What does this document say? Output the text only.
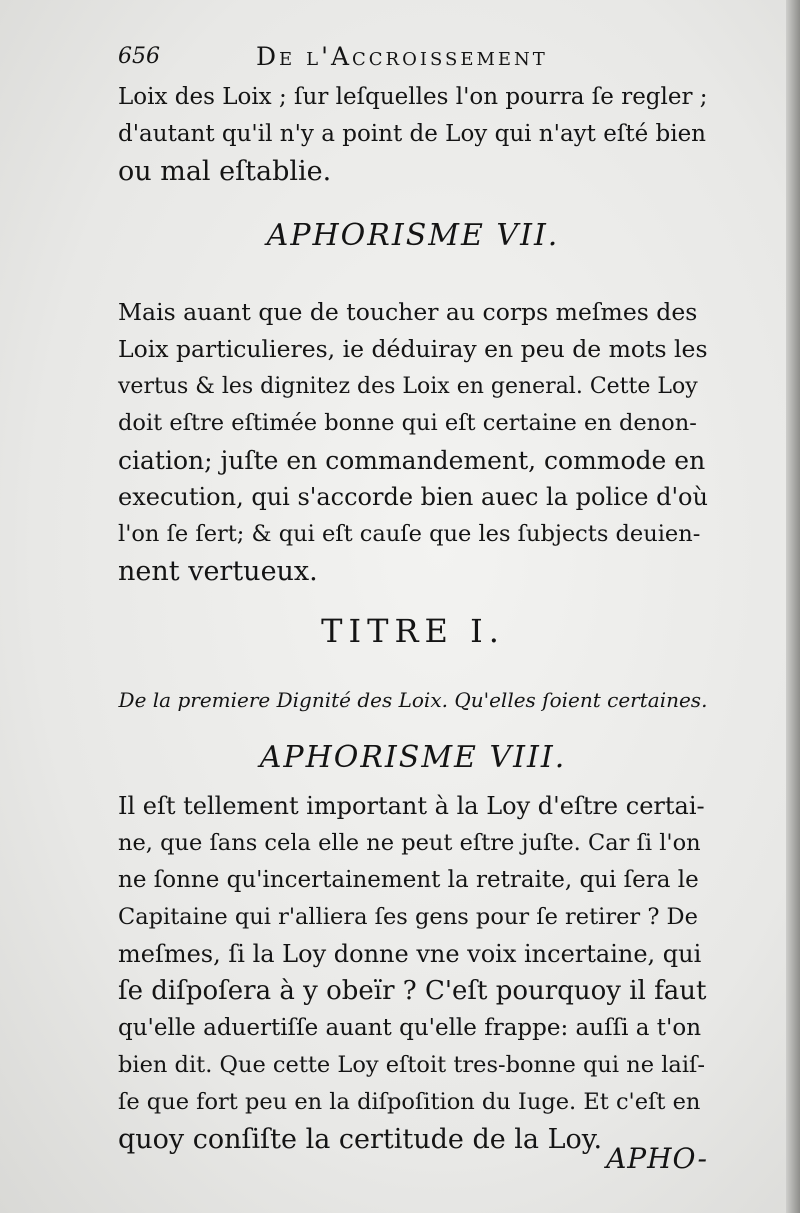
656	De l'Accroissement
Loix des Loix ; ſur leſquelles l'on pourra ſe regler ;
d'autant qu'il n'y a point de Loy qui n'ayt eſté bien
ou mal eſtablie.
APHORISME VII.
Mais auant que de toucher au corps meſmes des
Loix particulieres, ie déduiray en peu de mots les
vertus & les dignitez des Loix en general. Cette Loy
doit eſtre eſtimée bonne qui eſt certaine en denon-
ciation; juſte en commandement, commode en
execution, qui s'accorde bien auec la police d'où
l'on ſe ſert; & qui eſt cauſe que les ſubjects deuien-
nent vertueux.
TITRE I.
De la premiere Dignité des Loix. Qu'elles ſoient certaines.
APHORISME VIII.
Il eſt tellement important à la Loy d'eſtre certai-
ne, que ſans cela elle ne peut eſtre juſte. Car ſi l'on
ne ſonne qu'incertainement la retraite, qui ſera le
Capitaine qui r'alliera ſes gens pour ſe retirer ? De
meſmes, ſi la Loy donne vne voix incertaine, qui
ſe diſpoſera à y obeïr ? C'eſt pourquoy il faut
qu'elle aduertiſſe auant qu'elle frappe: auſſi a t'on
bien dit. Que cette Loy eſtoit tres-bonne qui ne laiſ-
ſe que fort peu en la diſpoſition du Iuge. Et c'eſt en
quoy conſiſte la certitude de la Loy.
APHO-
